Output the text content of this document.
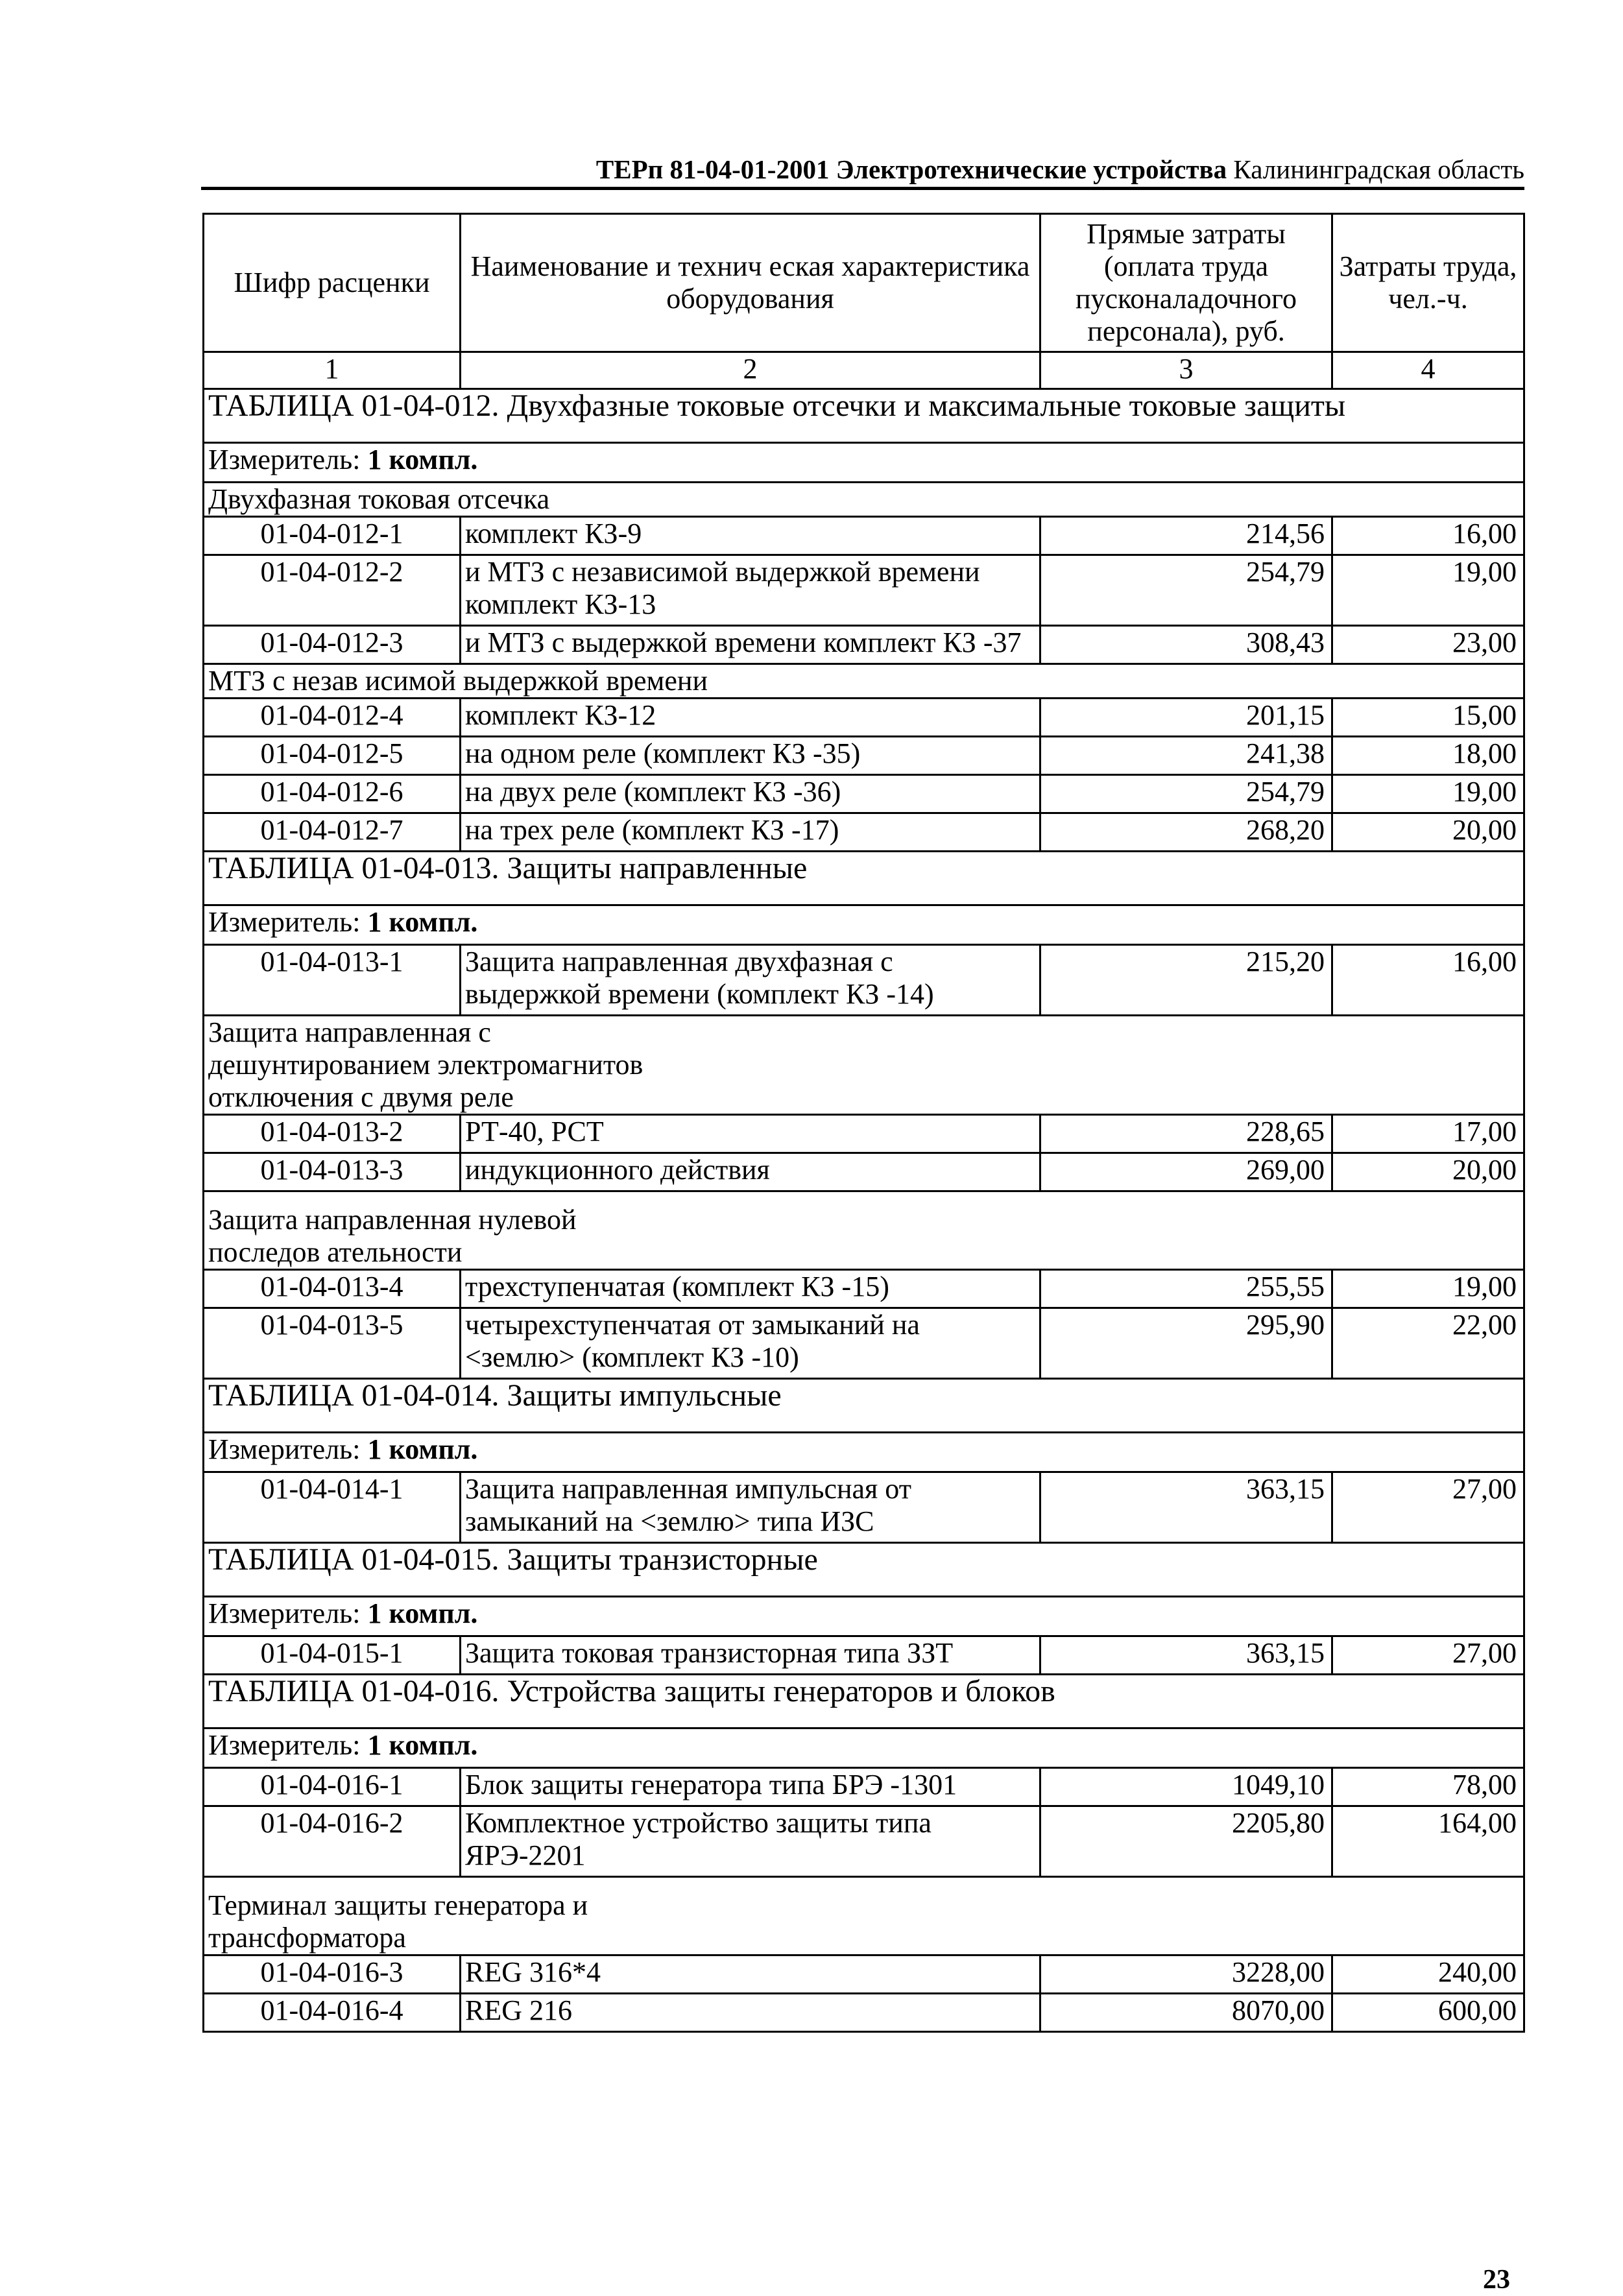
ТЕРп 81-04-01-2001 Электротехнические устройства Калининградская область
Шифр расценки	Наименование и технич еская характеристика оборудования	Прямые затраты (оплата труда пусконаладочного персонала), руб.	Затраты труда, чел.-ч.
1	2	3	4
ТАБЛИЦА 01-04-012. Двухфазные токовые отсечки и максимальные токовые защиты			
Измеритель: 1 компл.			
Двухфазная токовая отсечка			
01-04-012-1	комплект КЗ-9	214,56	16,00
01-04-012-2	и МТЗ с независимой выдержкой времени комплект КЗ-13	254,79	19,00
01-04-012-3	и МТЗ с выдержкой времени комплект КЗ -37	308,43	23,00
МТЗ с незав исимой выдержкой времени			
01-04-012-4	комплект КЗ-12	201,15	15,00
01-04-012-5	на одном реле (комплект КЗ -35)	241,38	18,00
01-04-012-6	на двух реле (комплект КЗ -36)	254,79	19,00
01-04-012-7	на трех реле (комплект КЗ -17)	268,20	20,00
ТАБЛИЦА 01-04-013. Защиты направленные			
Измеритель: 1 компл.			
01-04-013-1	Защита направленная двухфазная с выдержкой времени (комплект КЗ -14)	215,20	16,00
Защита направленная с дешунтированием электромагнитов отключения с двумя реле			
01-04-013-2	РТ-40, РСТ	228,65	17,00
01-04-013-3	индукционного действия	269,00	20,00
Защита направленная нулевой последов ательности			
01-04-013-4	трехступенчатая (комплект КЗ -15)	255,55	19,00
01-04-013-5	четырехступенчатая от замыканий на <землю> (комплект КЗ -10)	295,90	22,00
ТАБЛИЦА 01-04-014. Защиты импульсные			
Измеритель: 1 компл.			
01-04-014-1	Защита направленная импульсная от замыканий на <землю> типа ИЗС	363,15	27,00
ТАБЛИЦА 01-04-015. Защиты транзисторные			
Измеритель: 1 компл.			
01-04-015-1	Защита токовая транзисторная типа ЗЗТ	363,15	27,00
ТАБЛИЦА 01-04-016. Устройства защиты генераторов и блоков			
Измеритель: 1 компл.			
01-04-016-1	Блок защиты генератора типа БРЭ -1301	1049,10	78,00
01-04-016-2	Комплектное устройство защиты типа ЯРЭ-2201	2205,80	164,00
Терминал защиты генератора и трансформатора			
01-04-016-3	REG 316*4	3228,00	240,00
01-04-016-4	REG 216	8070,00	600,00
23
